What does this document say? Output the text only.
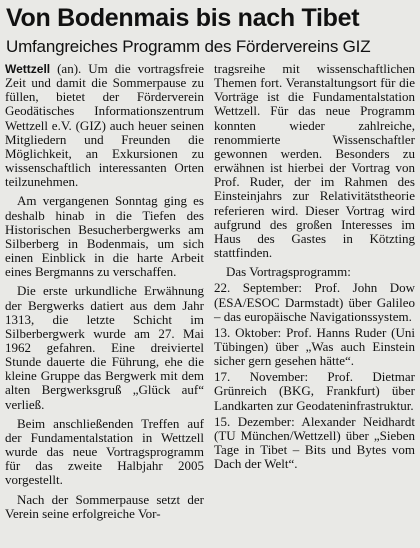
Von Bodenmais bis nach Tibet
Umfangreiches Programm des Fördervereins GIZ

Wettzell (an). Um die vortragsfreie Zeit und damit die Sommerpause zu füllen, bietet der Förderverein Geodätisches Informationszentrum Wettzell e.V. (GIZ) auch heuer seinen Mitgliedern und Freunden die Möglichkeit, an Exkursionen zu wissenschaftlich interessanten Orten teilzunehmen.

Am vergangenen Sonntag ging es deshalb hinab in die Tiefen des Historischen Besucherbergwerks am Silberberg in Bodenmais, um sich einen Einblick in die harte Arbeit eines Bergmanns zu verschaffen.

Die erste urkundliche Erwähnung der Bergwerks datiert aus dem Jahr 1313, die letzte Schicht im Silberbergwerk wurde am 27. Mai 1962 gefahren. Eine dreiviertel Stunde dauerte die Führung, ehe die kleine Gruppe das Bergwerk mit dem alten Bergwerksgruß „Glück auf“ verließ.

Beim anschließenden Treffen auf der Fundamentalstation in Wettzell wurde das neue Vortragsprogramm für das zweite Halbjahr 2005 vorgestellt.

Nach der Sommerpause setzt der Verein seine erfolgreiche Vor-

tragsreihe mit wissenschaftlichen Themen fort. Veranstaltungsort für die Vorträge ist die Fundamentalstation Wettzell. Für das neue Programm konnten wieder zahlreiche, renommierte Wissenschaftler gewonnen werden. Besonders zu erwähnen ist hierbei der Vortrag von Prof. Ruder, der im Rahmen des Einsteinjahrs zur Relativitätstheorie referieren wird. Dieser Vortrag wird aufgrund des großen Interesses im Haus des Gastes in Kötzting stattfinden.

Das Vortragsprogramm:

22. September: Prof. John Dow (ESA/ESOC Darmstadt) über Galileo – das europäische Navigationssystem.

13. Oktober: Prof. Hanns Ruder (Uni Tübingen) über „Was auch Einstein sicher gern gesehen hätte“.

17. November: Prof. Dietmar Grünreich (BKG, Frankfurt) über Landkarten zur Geodateninfrastruktur.

15. Dezember: Alexander Neidhardt (TU München/Wettzell) über „Sieben Tage in Tibet – Bits und Bytes vom Dach der Welt“.
